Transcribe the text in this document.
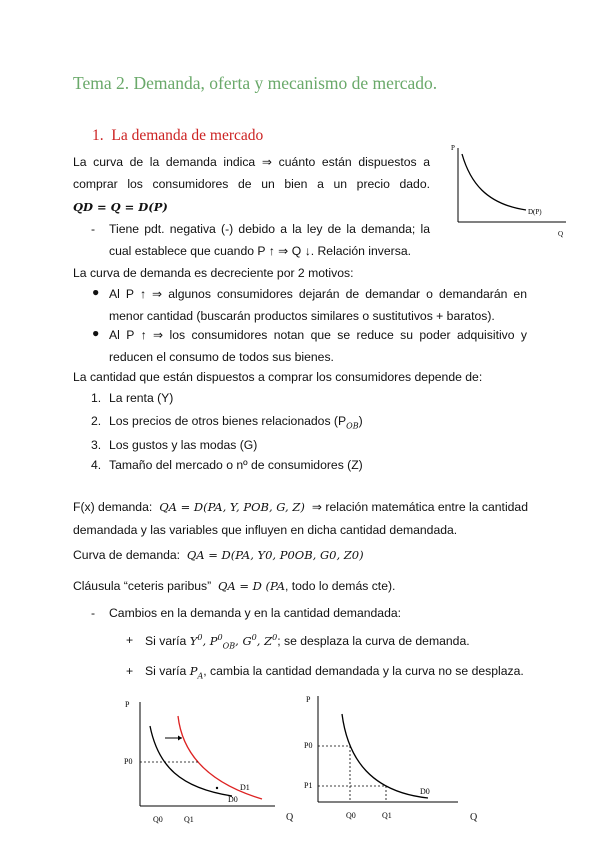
Tema 2. Demanda, oferta y mecanismo de mercado.
1. La demanda de mercado
P
Q
D(P)
La curva de la demanda indica ⇒ cuánto están dispuestos a
comprar los consumidores de un bien a un precio dado.
QD = Q = D(P)
- Tiene pdt. negativa (-) debido a la ley de la demanda; la
cual establece que cuando P ↑ ⇒ Q ↓. Relación inversa.
La curva de demanda es decreciente por 2 motivos:
● Al P ↑ ⇒ algunos consumidores dejarán de demandar o demandarán en
menor cantidad (buscarán productos similares o sustitutivos + baratos).
● Al P ↑ ⇒ los consumidores notan que se reduce su poder adquisitivo y
reducen el consumo de todos sus bienes.
La cantidad que están dispuestos a comprar los consumidores depende de:
1. La renta (Y)
2. Los precios de otros bienes relacionados $(P_{OB})$
3. Los gustos y las modas (G)
4. Tamaño del mercado o nº de consumidores (Z)
F(x) demanda: QA = D(PA, Y, POB, G, Z) ⇒ relación matemática entre la cantidad
demandada y las variables que influyen en dicha cantidad demandada.
Curva de demanda: QA = D(PA, Y0, P0OB, G0, Z0)
Cláusula “ceteris paribus” QA = D (PA, todo lo demás cte).
- Cambios en la demanda y en la cantidad demandada:
+ Si varía $Y^0$, $P^0_{OB}$, $G^0$, $Z^0$; se desplaza la curva de demanda.
+ Si varía $P_A$, cambia la cantidad demandada y la curva no se desplaza.
P
P0
D0
D1
Q0	Q1	Q
P
P0
P1
D0
Q0	Q1	Q
